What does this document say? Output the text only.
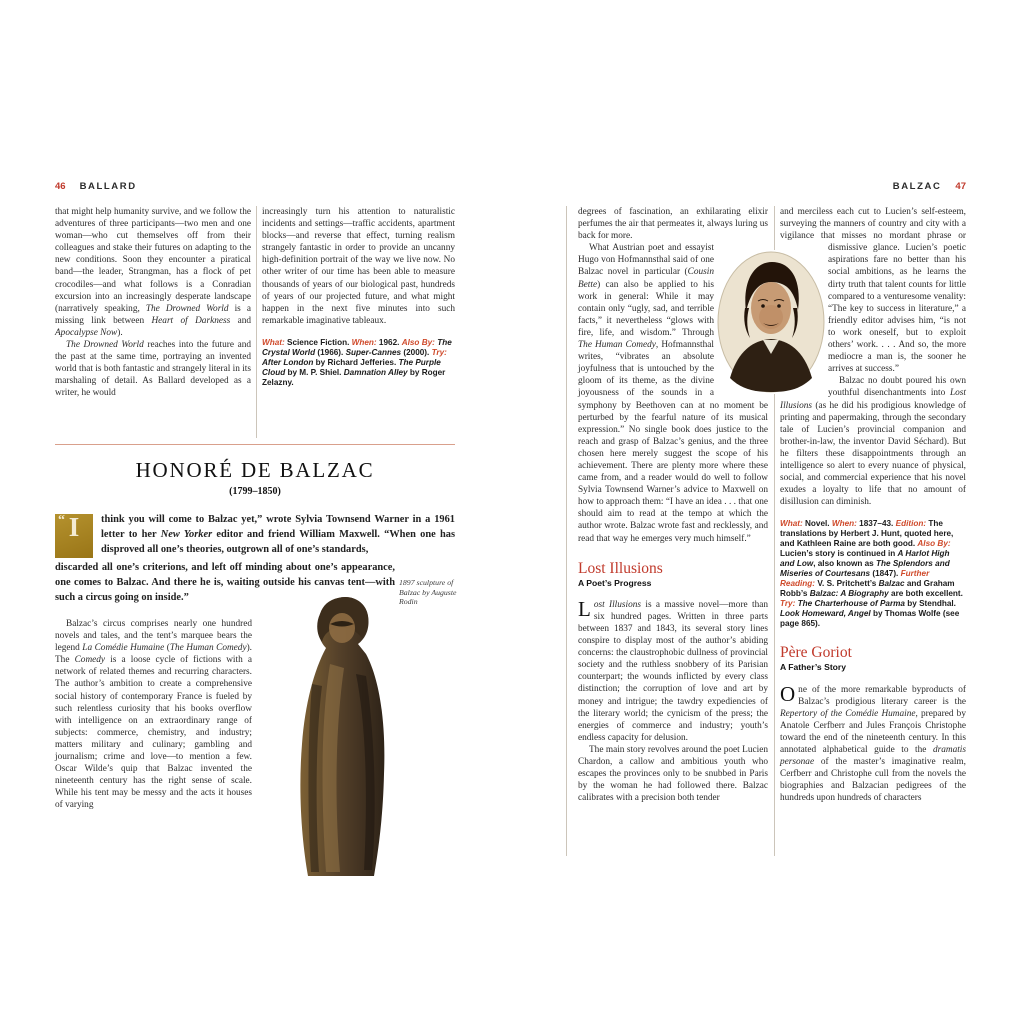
46 BALLARD	BALZAC 47

that might help humanity survive, and we follow the adventures of three participants—two men and one woman—who cut themselves off from their colleagues and stake their futures on adapting to the new conditions. Soon they encounter a piratical band—the leader, Strangman, has a flock of pet crocodiles—and what follows is a Conradian excursion into an increasingly desperate landscape (narratively speaking, The Drowned World is a missing link between Heart of Darkness and Apocalypse Now).

The Drowned World reaches into the future and the past at the same time, portraying an invented world that is both fantastic and strangely literal in its marshaling of detail. As Ballard developed as a writer, he would

increasingly turn his attention to naturalistic incidents and settings—traffic accidents, apartment blocks—and reverse that effect, turning realism strangely fantastic in order to provide an uncanny high-definition portrait of the way we live now. No other writer of our time has been able to measure thousands of years of our biological past, hundreds of years of our projected future, and what might happen in the next five minutes into such remarkable imaginative tableaux.

What: Science Fiction. When: 1962. Also By: The Crystal World (1966). Super-Cannes (2000). Try: After London by Richard Jefferies. The Purple Cloud by M. P. Shiel. Damnation Alley by Roger Zelazny.
HONORÉ DE BALZAC
(1799–1850)
“ I	think you will come to Balzac yet,” wrote Sylvia Townsend Warner in a 1961 letter to her New Yorker editor and friend William Maxwell. “When one has disproved all one’s theories, outgrown all of one’s standards,
discarded all one’s criterions, and left off minding about one’s appearance, one comes to Balzac. And there he is, waiting outside his canvas tent—with such a circus going on inside.”

Balzac’s circus comprises nearly one hundred novels and tales, and the tent’s marquee bears the legend La Comédie Humaine (The Human Comedy). The Comedy is a loose cycle of fictions with a network of related themes and recurring characters. The author’s ambition to create a comprehensive social history of contemporary France is fueled by such relentless curiosity that his books overflow with intelligence on an extraordinary range of subjects: commerce, chemistry, and industry; matters military and culinary; gambling and journalism; crime and love—to mention a few. Oscar Wilde’s quip that Balzac invented the nineteenth century has the right sense of scale. While his tent may be messy and the acts it houses of varying

1897 sculpture of Balzac by Auguste Rodin

degrees of fascination, an exhilarating elixir perfumes the air that permeates it, always luring us back for more.

What Austrian poet and essayist Hugo von Hofmannsthal said of one Balzac novel in particular (Cousin Bette) can also be applied to his work in general: While it may contain only “ugly, sad, and terrible facts,” it nevertheless “glows with fire, life, and wisdom.” Through The Human Comedy, Hofmannsthal writes, “vibrates an absolute joyfulness that is untouched by the gloom of its theme, as the divine joyousness of the sounds in a symphony by Beethoven can at no moment be perturbed by the fearful nature of its musical expression.” No single book does justice to the reach and grasp of Balzac’s genius, and the three chosen here merely suggest the scope of his achievement. There are plenty more where these came from, and a reader would do well to follow Sylvia Townsend Warner’s advice to Maxwell on how to approach them: “I have an idea . . . that one should aim to read at the tempo at which the author wrote. Balzac wrote fast and recklessly, and read that way he emerges very much himself.”

Lost Illusions
A Poet’s Progress

Lost Illusions is a massive novel—more than six hundred pages. Written in three parts between 1837 and 1843, its several story lines conspire to display most of the author’s abiding concerns: the claustrophobic dullness of provincial society and the ruthless snobbery of its Parisian counterpart; the wounds inflicted by every class distinction; the corruption of love and art by money and intrigue; the tawdry expediencies of the literary world; the cynicism of the press; the energies of commerce and industry; youth’s endless capacity for delusion.

The main story revolves around the poet Lucien Chardon, a callow and ambitious youth who escapes the provinces only to be snubbed in Paris by the woman he had followed there. Balzac calibrates with a precision both tender

and merciless each cut to Lucien’s self-esteem, surveying the manners of country and city with a vigilance that misses no mordant phrase or dismissive glance.
Lucien’s poetic aspirations fare no better than his social ambitions, as he learns the dirty truth that talent counts for little compared to a venturesome venality: “The key to success in literature,” a friendly editor advises him, “is not to work oneself, but to exploit others’ work. . . . And so, the more mediocre a man is, the sooner he arrives at success.”

Balzac no doubt poured his own youthful disenchantments into Lost Illusions (as he did his prodigious knowledge of printing and papermaking, through the secondary tale of Lucien’s provincial companion and brother-in-law, the inventor David Séchard). But he filters these disappointments through an intelligence so alert to every nuance of physical, social, and commercial experience that his novel exudes a loyalty to life that no amount of disillusion can diminish.

What: Novel. When: 1837–43. Edition: The translations by Herbert J. Hunt, quoted here, and Kathleen Raine are both good. Also By: Lucien’s story is continued in A Harlot High and Low, also known as The Splendors and Miseries of Courtesans (1847). Further Reading: V. S. Pritchett’s Balzac and Graham Robb’s Balzac: A Biography are both excellent. Try: The Charterhouse of Parma by Stendhal. Look Homeward, Angel by Thomas Wolfe (see page 865).
Père Goriot
A Father’s Story

One of the more remarkable byproducts of Balzac’s prodigious literary career is the Repertory of the Comédie Humaine, prepared by Anatole Cerfberr and Jules François Christophe toward the end of the nineteenth century. In this annotated alphabetical guide to the dramatis personae of the master’s imaginative realm, Cerfberr and Christophe cull from the novels the biographies and Balzacian pedigrees of the hundreds upon hundreds of characters
